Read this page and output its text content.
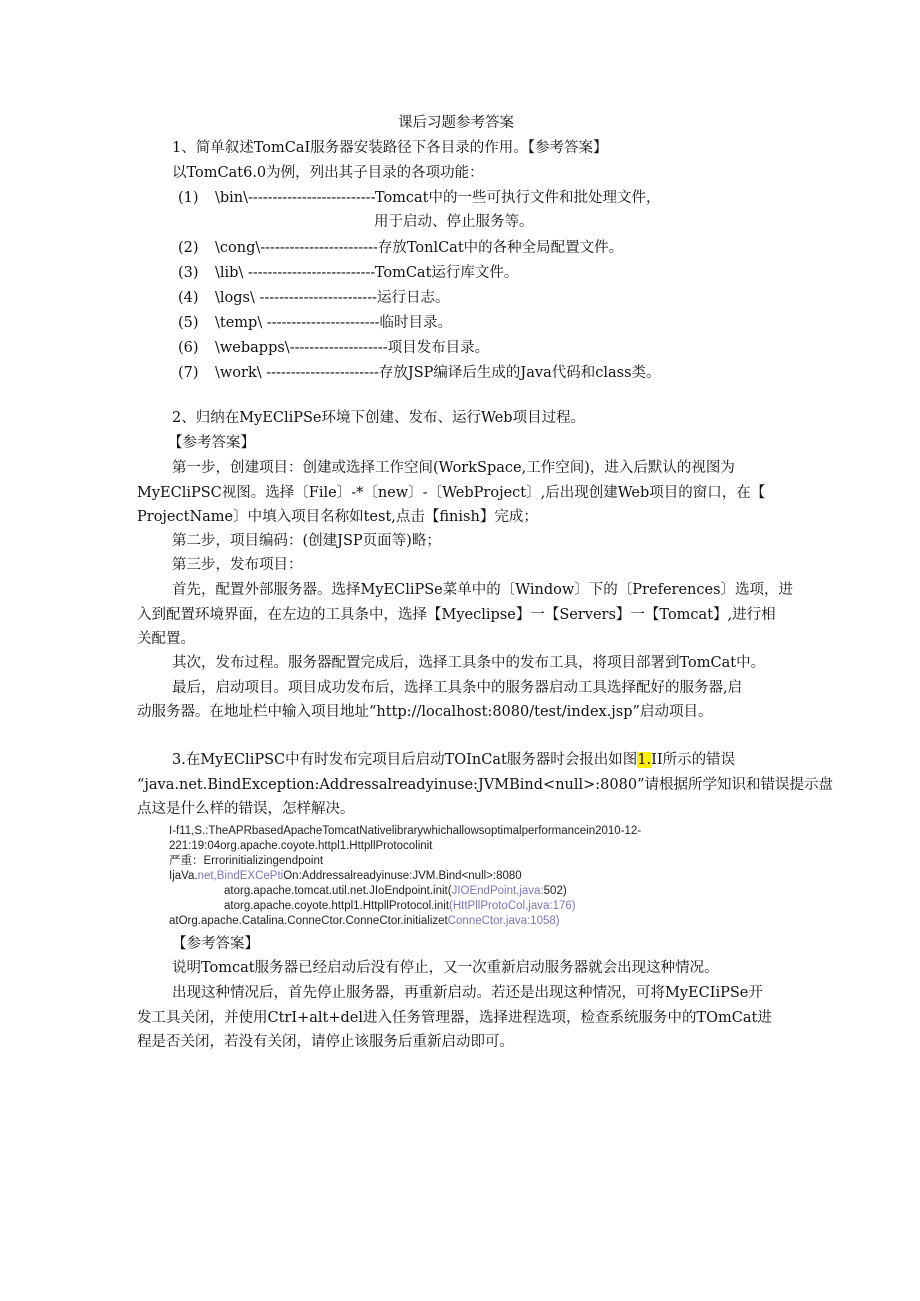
课后习题参考答案
1、简单叙述TomCaI服务器安装路径下各目录的作用。【参考答案】
以TomCat6.0为例，列出其子目录的各项功能：
(1) \bin\--------------------------Tomcat中的一些可执行文件和批处理文件，
用于启动、停止服务等。
(2) \cong\------------------------存放TonlCat中的各种全局配置文件。
(3) \lib\ --------------------------TomCat运行库文件。
(4) \logs\ ------------------------运行日志。
(5) \temp\ -----------------------临时目录。
(6) \webapps\--------------------项目发布目录。
(7) \work\ -----------------------存放JSP编译后生成的Java代码和class类。
2、归纳在MyECliPSe环境下创建、发布、运行Web项目过程。
【参考答案】
第一步，创建项目：创建或选择工作空间(WorkSpace,工作空间)，进入后默认的视图为
MyECliPSC视图。选择〔File〕-*〔new〕-〔WebProject〕,后出现创建Web项目的窗口，在【
ProjectName〕中填入项目名称如test,点击【finish】完成；
第二步，项目编码：(创建JSP页面等)略；
第三步，发布项目：
首先，配置外部服务器。选择MyECliPSe菜单中的〔Window〕下的〔Preferences〕选项，进
入到配置环境界面，在左边的工具条中，选择【Myeclipse】一【Servers】一【Tomcat】,进行相
关配置。
其次，发布过程。服务器配置完成后，选择工具条中的发布工具，将项目部署到TomCat中。
最后，启动项目。项目成功发布后，选择工具条中的服务器启动工具选择配好的服务器,启
动服务器。在地址栏中输入项目地址“http://localhost:8080/test/index.jsp”启动项目。
3.在MyECliPSC中有时发布完项目后启动TOInCat服务器时会报出如图1.II所示的错误
“java.net.BindException:Addressalreadyinuse:JVMBind<null>:8080”请根据所学知识和错误提示盘
点这是什么样的错误，怎样解决。
I-f11,S.:TheAPRbasedApacheTomcatNativelibrarywhichallowsoptimalperformancein2010-12-
221:19:04org.apache.coyote.httpl1.HttpllProtocolinit
严重：Errorinitializingendpoint
IjaVa.net,BindEXCePtiOn:Addressalreadyinuse:JVM.Bind<null>:8080
atorg.apache.tomcat.util.net.JIoEndpoint.init(JIOEndPoint,java:502)
atorg.apache.coyote.httpl1.HttpllProtocol.init(HttPllProtoCol,java:176)
atOrg.apache.Catalina.ConneCtor.ConneCtor.initializetConneCtor.java:1058)
【参考答案】
说明Tomcat服务器已经启动后没有停止，又一次重新启动服务器就会出现这种情况。
出现这种情况后，首先停止服务器，再重新启动。若还是出现这种情况，可将MyECIiPSe开
发工具关闭，并使用CtrI+alt+del进入任务管理器，选择进程选项，检查系统服务中的TOmCat进
程是否关闭，若没有关闭，请停止该服务后重新启动即可。
